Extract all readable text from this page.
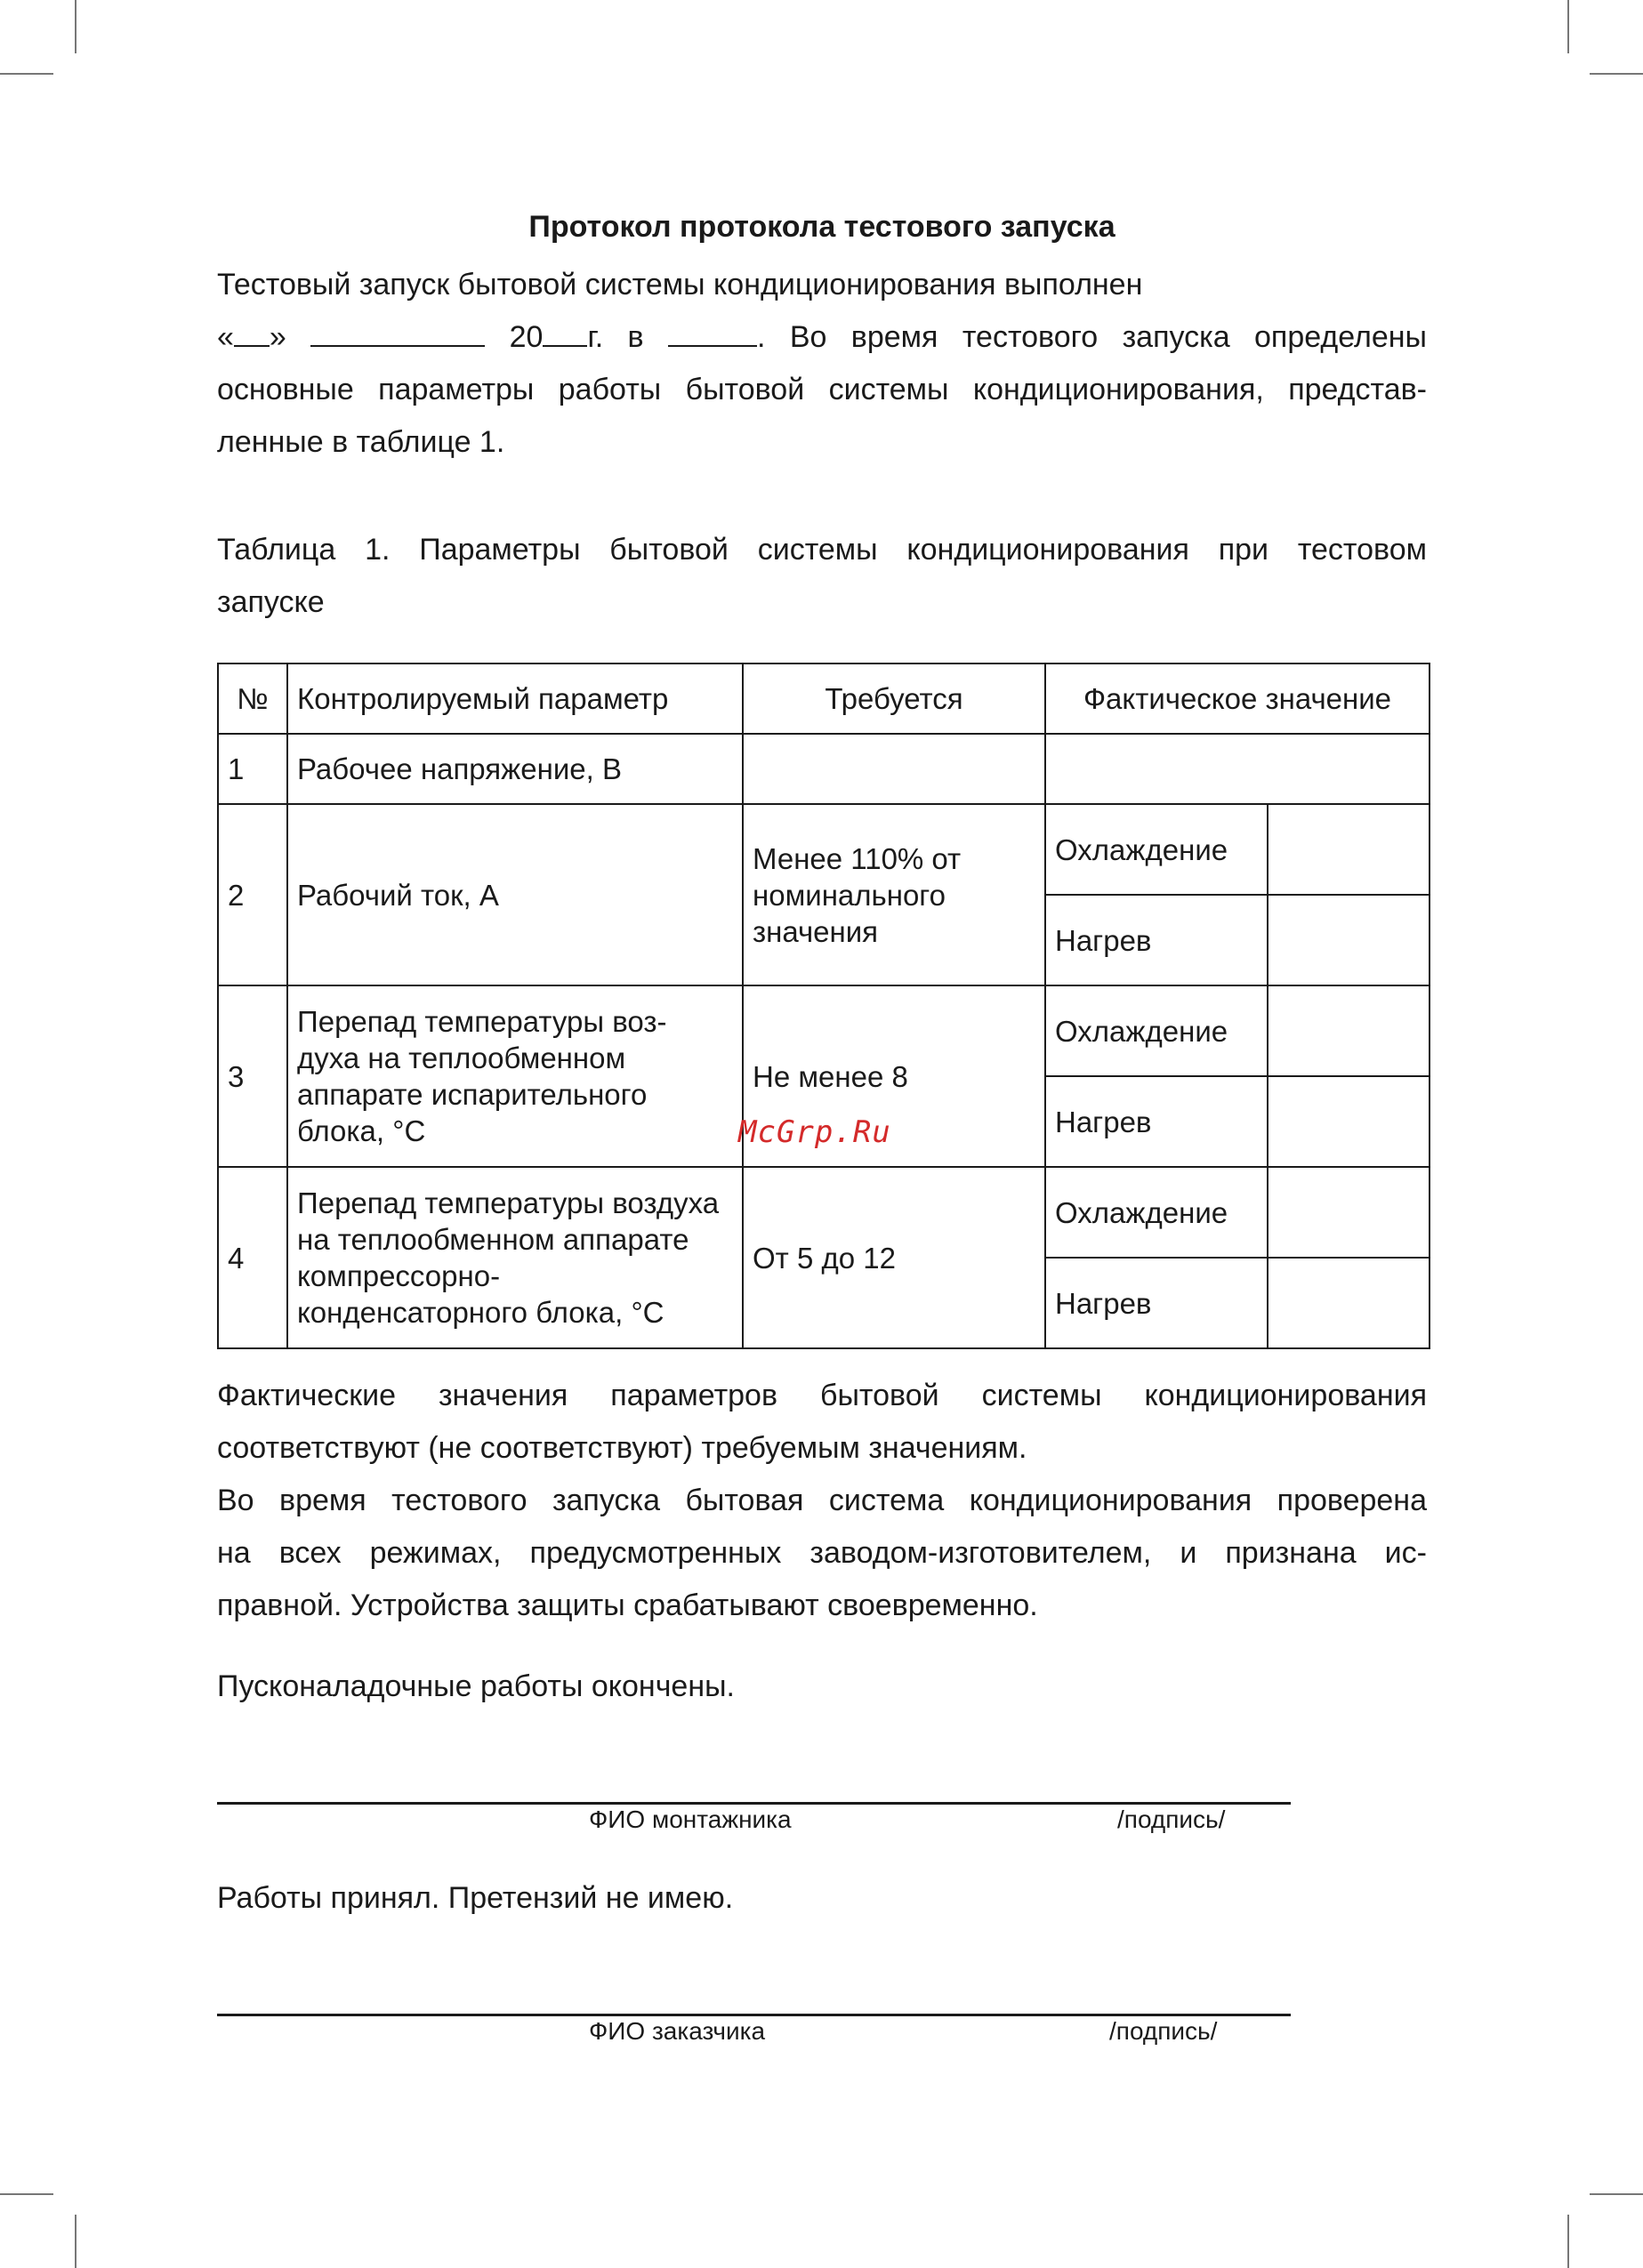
Протокол протокола тестового запуска
Тестовый запуск бытовой системы кондиционирования выполнен
« »	20 г. в	. Во время тестового запуска определены
основные параметры работы бытовой системы кондиционирования, представ-
ленные в таблице 1.
Таблица 1. Параметры бытовой системы кондиционирования при тестовом
запуске
№	Контролируемый параметр	Требуется	Фактическое значение	
1	Рабочее напряжение, В			
2	Рабочий ток, А	Менее 110% от номинального значения	Охлаждение	
			Нагрев	
3	Перепад температуры воз- духа на теплообменном аппарате испарительного блока, °С	Не менее 8	Охлаждение	
			Нагрев	
4	Перепад температуры воздуха на теплообменном аппарате компрессорно- конденсаторного блока, °С	От 5 до 12	Охлаждение	
			Нагрев	
Фактические значения параметров бытовой системы кондиционирования
соответствуют (не соответствуют) требуемым значениям.
Во время тестового запуска бытовая система кондиционирования проверена
на всех режимах, предусмотренных заводом-изготовителем, и признана ис-
правной. Устройства защиты срабатывают своевременно.
Пусконаладочные работы окончены.
ФИО монтажника	/подпись/
Работы принял. Претензий не имею.
ФИО заказчика	/подпись/
McGrp.Ru
